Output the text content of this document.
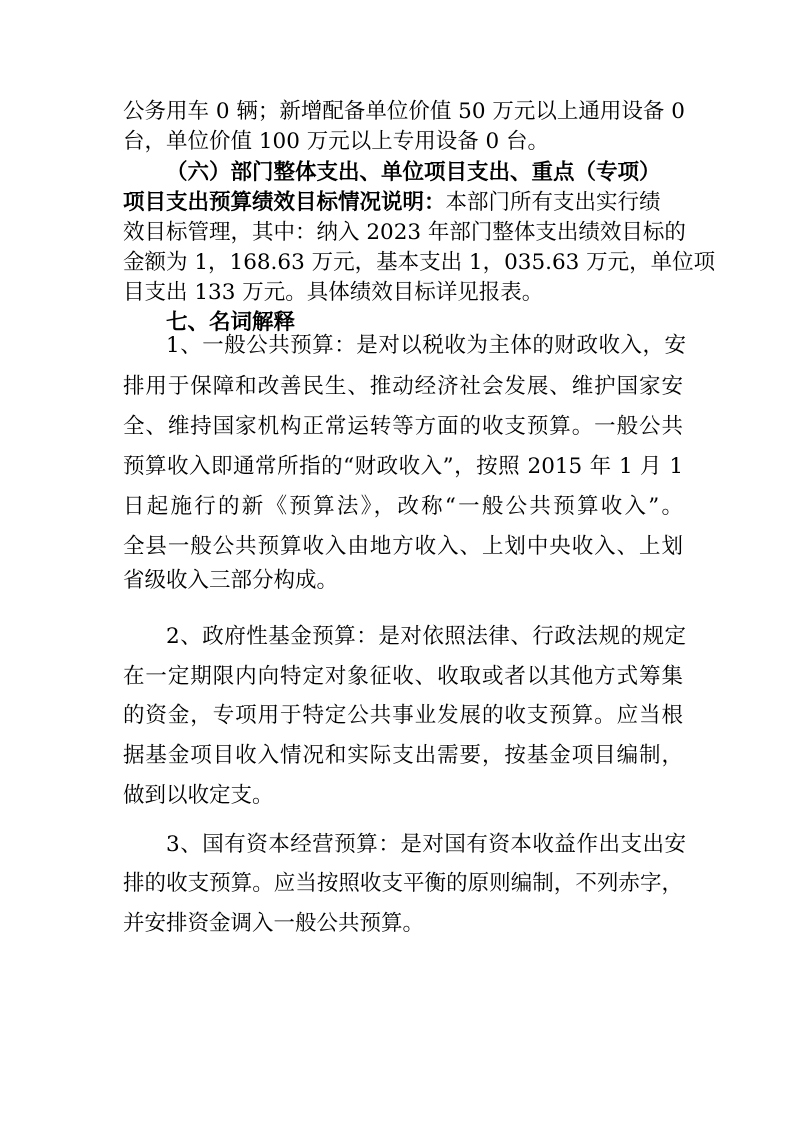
公务用车 0 辆；新增配备单位价值 50 万元以上通用设备 0
台，单位价值 100 万元以上专用设备 0 台。
（六）部门整体支出、单位项目支出、重点（专项）
项目支出预算绩效目标情况说明：本部门所有支出实行绩
效目标管理，其中：纳入 2023 年部门整体支出绩效目标的
金额为 1，168.63 万元，基本支出 1，035.63 万元，单位项
目支出 133 万元。具体绩效目标详见报表。
七、名词解释
1、一般公共预算：是对以税收为主体的财政收入，安
排用于保障和改善民生、推动经济社会发展、维护国家安
全、维持国家机构正常运转等方面的收支预算。一般公共
预算收入即通常所指的“财政收入”，按照 2015 年 1 月 1
日起施行的新《预算法》，改称“一般公共预算收入”。
全县一般公共预算收入由地方收入、上划中央收入、上划
省级收入三部分构成。
2、政府性基金预算：是对依照法律、行政法规的规定
在一定期限内向特定对象征收、收取或者以其他方式筹集
的资金，专项用于特定公共事业发展的收支预算。应当根
据基金项目收入情况和实际支出需要，按基金项目编制，
做到以收定支。
3、国有资本经营预算：是对国有资本收益作出支出安
排的收支预算。应当按照收支平衡的原则编制，不列赤字，
并安排资金调入一般公共预算。
